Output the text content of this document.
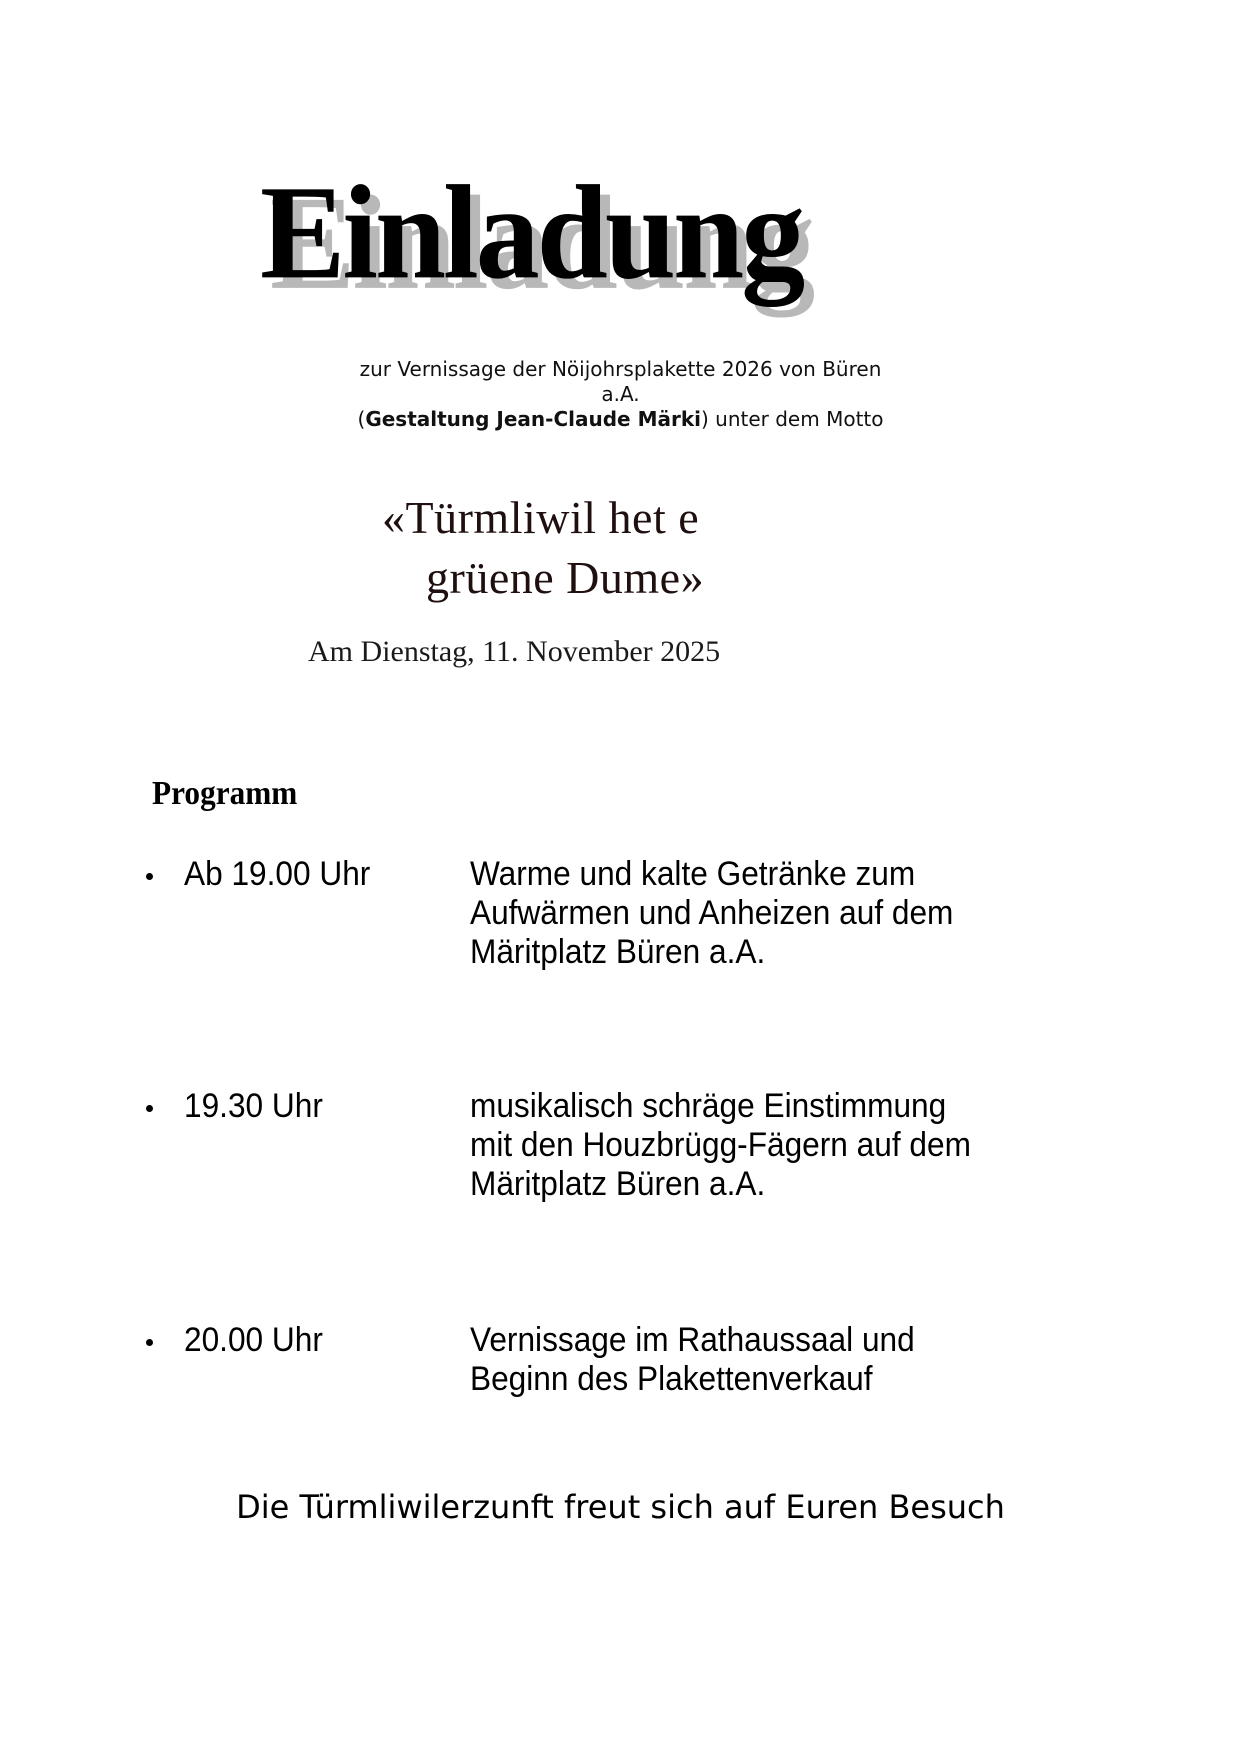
Einladung
zur Vernissage der Nöijohrsplakette 2026 von Büren
a.A.
(Gestaltung Jean-Claude Märki) unter dem Motto
«Türmliwil het e
grüene Dume»
Am Dienstag, 11. November 2025
Programm
Ab 19.00 Uhr	Warme und kalte Getränke zum
Aufwärmen und Anheizen auf dem
Märitplatz Büren a.A.
19.30 Uhr	musikalisch schräge Einstimmung
mit den Houzbrügg-Fägern auf dem
Märitplatz Büren a.A.
20.00 Uhr	Vernissage im Rathaussaal und
Beginn des Plakettenverkauf
Die Türmliwilerzunft freut sich auf Euren Besuch
